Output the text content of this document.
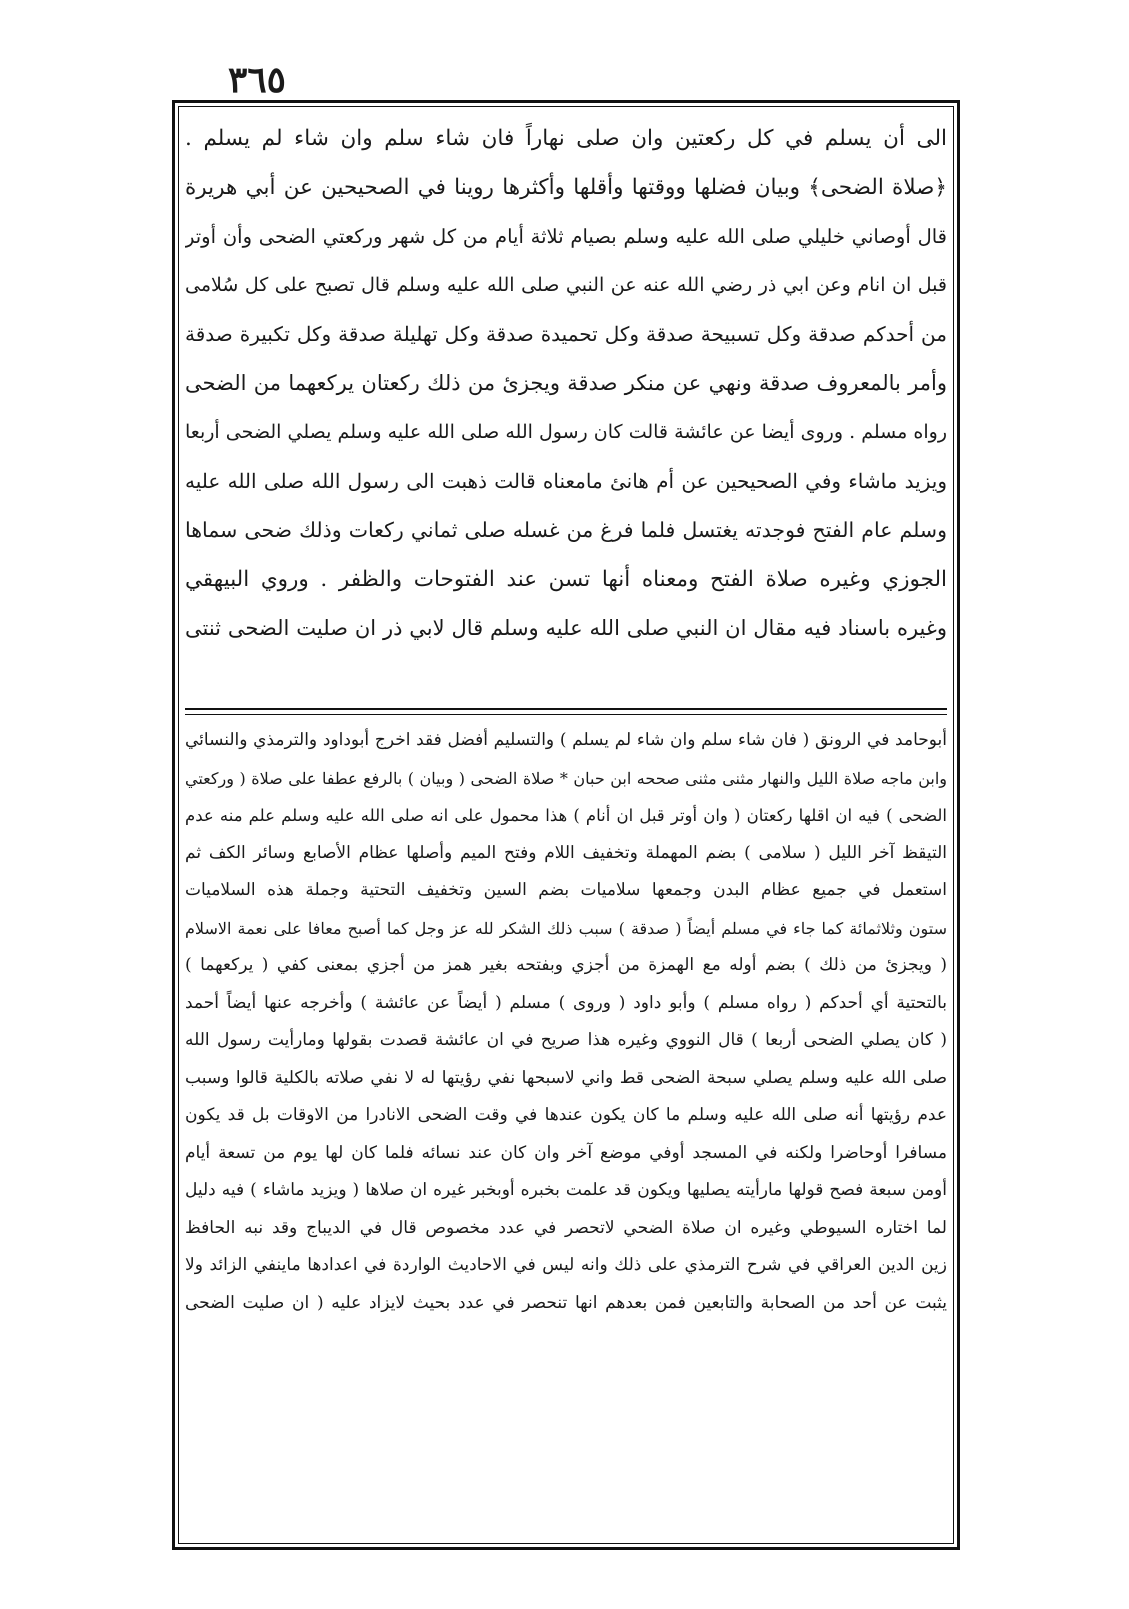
٣٦٥
الى أن يسلم في كل ركعتين وان صلى نهاراً فان شاء سلم وان شاء لم يسلم .
﴿صلاة الضحى﴾ وبيان فضلها ووقتها وأقلها وأكثرها روينا في الصحيحين عن أبي هريرة
قال أوصاني خليلي صلى الله عليه وسلم بصيام ثلاثة أيام من كل شهر وركعتي الضحى وأن أوتر
قبل ان انام وعن ابي ذر رضي الله عنه عن النبي صلى الله عليه وسلم قال تصبح على كل سُلامى
من أحدكم صدقة وكل تسبيحة صدقة وكل تحميدة صدقة وكل تهليلة صدقة وكل تكبيرة صدقة
وأمر بالمعروف صدقة ونهي عن منكر صدقة ويجزئ من ذلك ركعتان يركعهما من الضحى
رواه مسلم . وروى أيضا عن عائشة قالت كان رسول الله صلى الله عليه وسلم يصلي الضحى أربعا
ويزيد ماشاء وفي الصحيحين عن أم هانئ مامعناه قالت ذهبت الى رسول الله صلى الله عليه
وسلم عام الفتح فوجدته يغتسل فلما فرغ من غسله صلى ثماني ركعات وذلك ضحى سماها
الجوزي وغيره صلاة الفتح ومعناه أنها تسن عند الفتوحات والظفر . وروي البيهقي
وغيره باسناد فيه مقال ان النبي صلى الله عليه وسلم قال لابي ذر ان صليت الضحى ثنتى
أبوحامد في الرونق ( فان شاء سلم وان شاء لم يسلم ) والتسليم أفضل فقد اخرج أبوداود والترمذي والنسائي
وابن ماجه صلاة الليل والنهار مثنى مثنى صححه ابن حبان * صلاة الضحى ( وبيان ) بالرفع عطفا على صلاة ( وركعتي
الضحى ) فيه ان اقلها ركعتان ( وان أوتر قبل ان أنام ) هذا محمول على انه صلى الله عليه وسلم علم منه عدم
التيقظ آخر الليل ( سلامى ) بضم المهملة وتخفيف اللام وفتح الميم وأصلها عظام الأصابع وسائر الكف ثم
استعمل في جميع عظام البدن وجمعها سلاميات بضم السين وتخفيف التحتية وجملة هذه السلاميات
ستون وثلاثمائة كما جاء في مسلم أيضاً ( صدقة ) سبب ذلك الشكر لله عز وجل كما أصبح معافا على نعمة الاسلام
( ويجزئ من ذلك ) بضم أوله مع الهمزة من أجزي وبفتحه بغير همز من أجزي بمعنى كفي ( يركعهما )
بالتحتية أي أحدكم ( رواه مسلم ) وأبو داود ( وروى ) مسلم ( أيضاً عن عائشة ) وأخرجه عنها أيضاً أحمد
( كان يصلي الضحى أربعا ) قال النووي وغيره هذا صريح في ان عائشة قصدت بقولها ومارأيت رسول الله
صلى الله عليه وسلم يصلي سبحة الضحى قط واني لاسبحها نفي رؤيتها له لا نفي صلاته بالكلية قالوا وسبب
عدم رؤيتها أنه صلى الله عليه وسلم ما كان يكون عندها في وقت الضحى الانادرا من الاوقات بل قد يكون
مسافرا أوحاضرا ولكنه في المسجد أوفي موضع آخر وان كان عند نسائه فلما كان لها يوم من تسعة أيام
أومن سبعة فصح قولها مارأيته يصليها ويكون قد علمت بخبره أوبخبر غيره ان صلاها ( ويزيد ماشاء ) فيه دليل
لما اختاره السيوطي وغيره ان صلاة الضحي لاتحصر في عدد مخصوص قال في الديباج وقد نبه الحافظ
زين الدين العراقي في شرح الترمذي على ذلك وانه ليس في الاحاديث الواردة في اعدادها ماينفي الزائد ولا
يثبت عن أحد من الصحابة والتابعين فمن بعدهم انها تنحصر في عدد بحيث لايزاد عليه ( ان صليت الضحى
